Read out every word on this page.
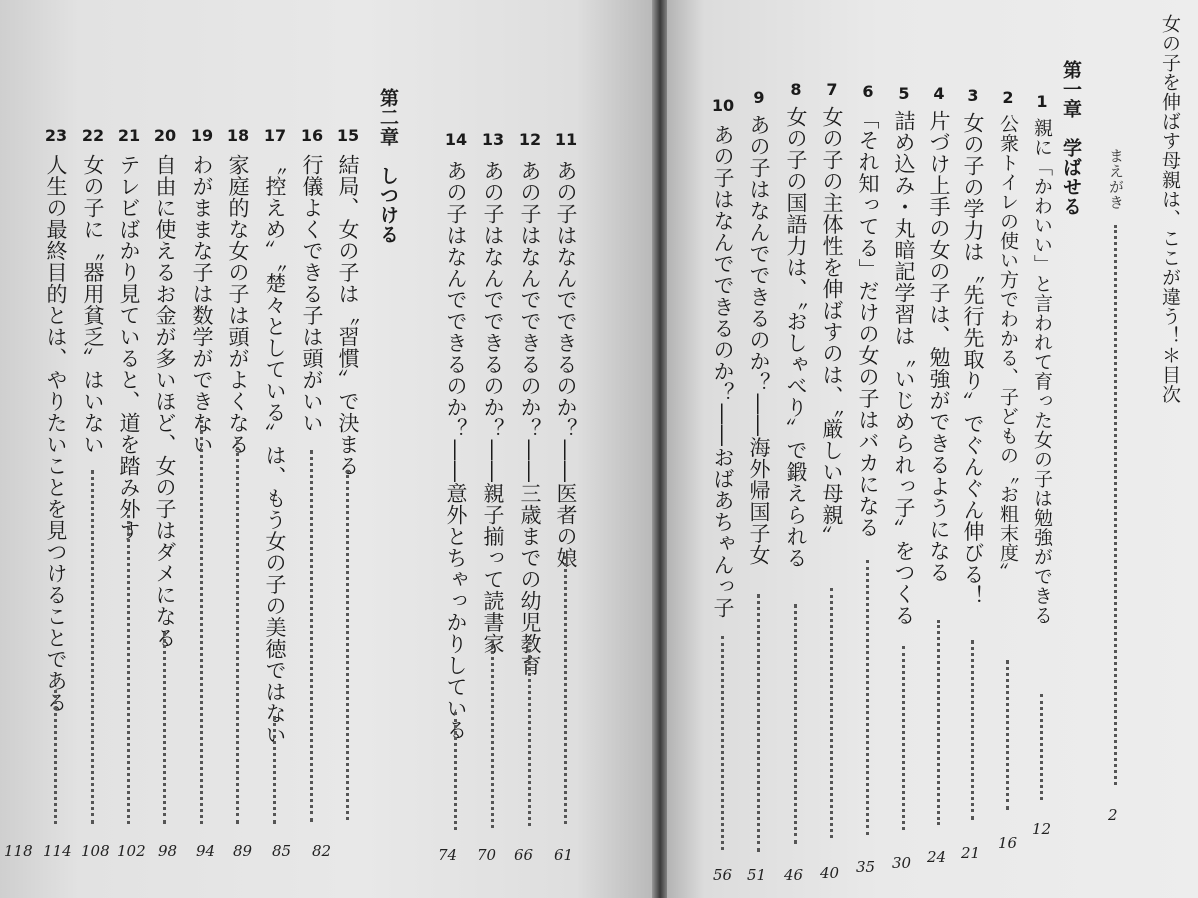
女の子を伸ばす母親は、ここが違う！＊目次
まえがき
2
第一章　学ばせる
1
親に「かわいい」と言われて育った女の子は勉強ができる
12
2
公衆トイレの使い方でわかる、子どもの〝お粗末度〟
16
3
女の子の学力は〝先行先取り〟でぐんぐん伸びる！
21
4
片づけ上手の女の子は、勉強ができるようになる
24
5
詰め込み・丸暗記学習は〝いじめられっ子〟をつくる
30
6
「それ知ってる」だけの女の子はバカになる
35
7
女の子の主体性を伸ばすのは、〝厳しい母親〟
40
8
女の子の国語力は、〝おしゃべり〟で鍛えられる
46
9
あの子はなんでできるのか？――海外帰国子女
51
10
あの子はなんでできるのか？――おばあちゃんっ子
56
11
あの子はなんでできるのか？――医者の娘
61
12
あの子はなんでできるのか？――三歳までの幼児教育
66
13
あの子はなんでできるのか？――親子揃って読書家
70
14
あの子はなんでできるのか？――意外とちゃっかりしている
74
第二章　しつける
15
結局、女の子は〝習慣〟で決まる
82
16
行儀よくできる子は頭がいい
85
17
〝控えめ〟〝楚々としている〟は、もう女の子の美徳ではない
89
18
家庭的な女の子は頭がよくなる
94
19
わがままな子は数学ができない
98
20
自由に使えるお金が多いほど、女の子はダメになる
102
21
テレビばかり見ていると、道を踏み外す
108
22
女の子に〝器用貧乏〟はいない
114
23
人生の最終目的とは、やりたいことを見つけることである
118
